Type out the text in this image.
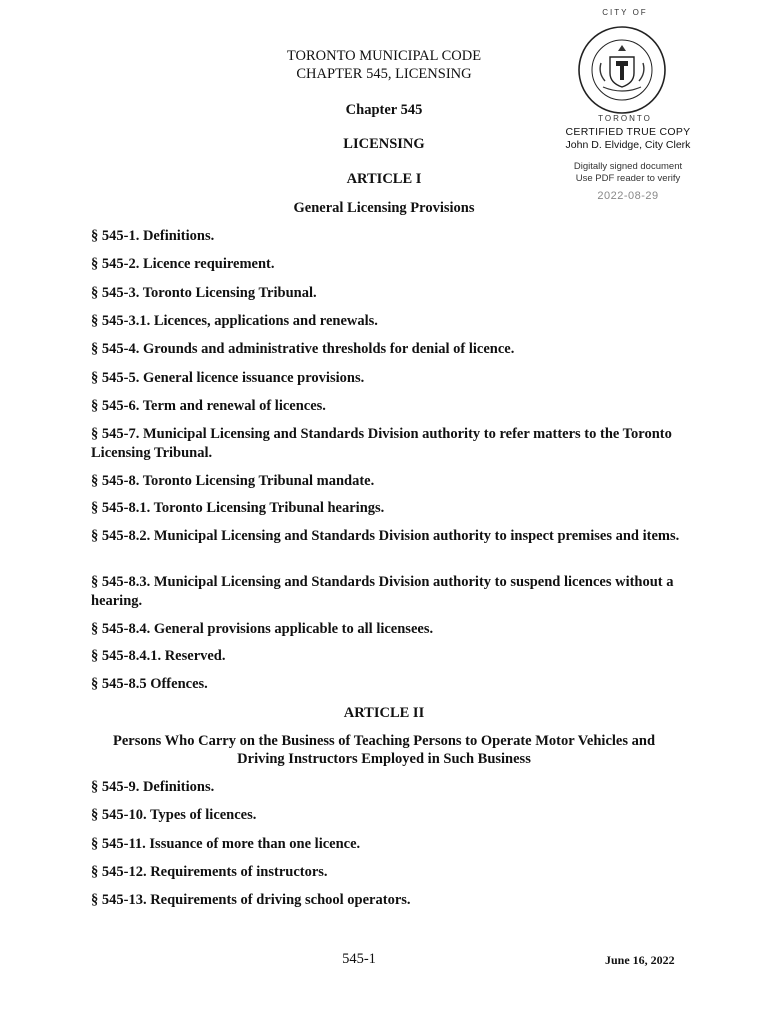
TORONTO MUNICIPAL CODE
CHAPTER 545, LICENSING
Chapter 545
LICENSING
CITY OF
TORONTO
CERTIFIED TRUE COPY
John D. Elvidge, City Clerk
Digitally signed document
Use PDF reader to verify
2022-08-29
ARTICLE I
General Licensing Provisions
§ 545-1. Definitions.
§ 545-2. Licence requirement.
§ 545-3. Toronto Licensing Tribunal.
§ 545-3.1. Licences, applications and renewals.
§ 545-4. Grounds and administrative thresholds for denial of licence.
§ 545-5. General licence issuance provisions.
§ 545-6. Term and renewal of licences.
§ 545-7. Municipal Licensing and Standards Division authority to refer matters to the Toronto Licensing Tribunal.
§ 545-8. Toronto Licensing Tribunal mandate.
§ 545-8.1. Toronto Licensing Tribunal hearings.
§ 545-8.2. Municipal Licensing and Standards Division authority to inspect premises and items.
§ 545-8.3. Municipal Licensing and Standards Division authority to suspend licences without a hearing.
§ 545-8.4. General provisions applicable to all licensees.
§ 545-8.4.1. Reserved.
§ 545-8.5 Offences.
ARTICLE II
Persons Who Carry on the Business of Teaching Persons to Operate Motor Vehicles and
Driving Instructors Employed in Such Business
§ 545-9. Definitions.
§ 545-10. Types of licences.
§ 545-11. Issuance of more than one licence.
§ 545-12. Requirements of instructors.
§ 545-13. Requirements of driving school operators.
545-1	June 16, 2022
